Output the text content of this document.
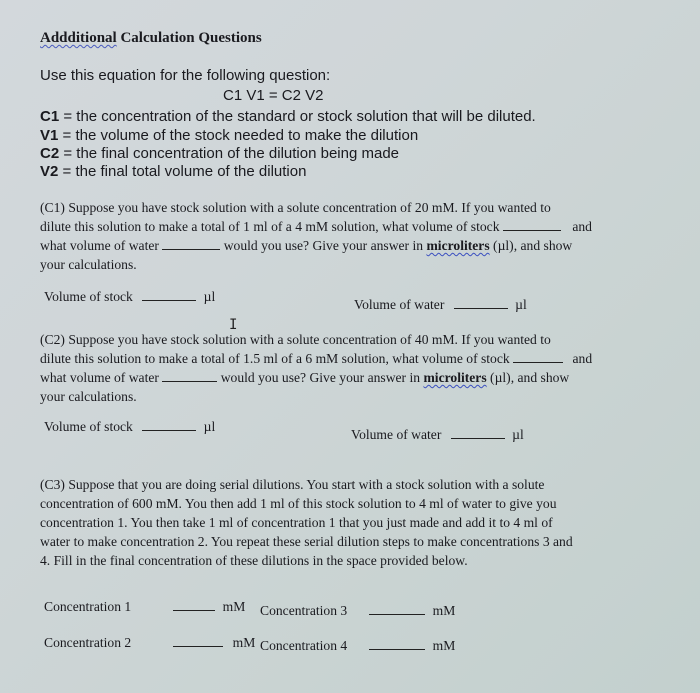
Addditional Calculation Questions
Use this equation for the following question:
C1 V1 = C2 V2
C1 = the concentration of the standard or stock solution that will be diluted.
V1 = the volume of the stock needed to make the dilution
C2 = the final concentration of the dilution being made
V2 = the final total volume of the dilution
(C1) Suppose you have stock solution with a solute concentration of 20 mM. If you wanted to
dilute this solution to make a total of 1 ml of a 4 mM solution, what volume of stock	and
what volume of water	would you use? Give your answer in microliters (µl), and show
your calculations.
Volume of stock	µl
Volume of water	µl
I
(C2) Suppose you have stock solution with a solute concentration of 40 mM. If you wanted to
dilute this solution to make a total of 1.5 ml of a 6 mM solution, what volume of stock	and
what volume of water	would you use? Give your answer in microliters (µl), and show
your calculations.
Volume of stock	µl
Volume of water	µl
(C3) Suppose that you are doing serial dilutions. You start with a stock solution with a solute
concentration of 600 mM. You then add 1 ml of this stock solution to 4 ml of water to give you
concentration 1. You then take 1 ml of concentration 1 that you just made and add it to 4 ml of
water to make concentration 2. You repeat these serial dilution steps to make concentrations 3 and
4. Fill in the final concentration of these dilutions in the space provided below.
Concentration 1	mM
Concentration 2	mM
Concentration 3	mM
Concentration 4	mM
